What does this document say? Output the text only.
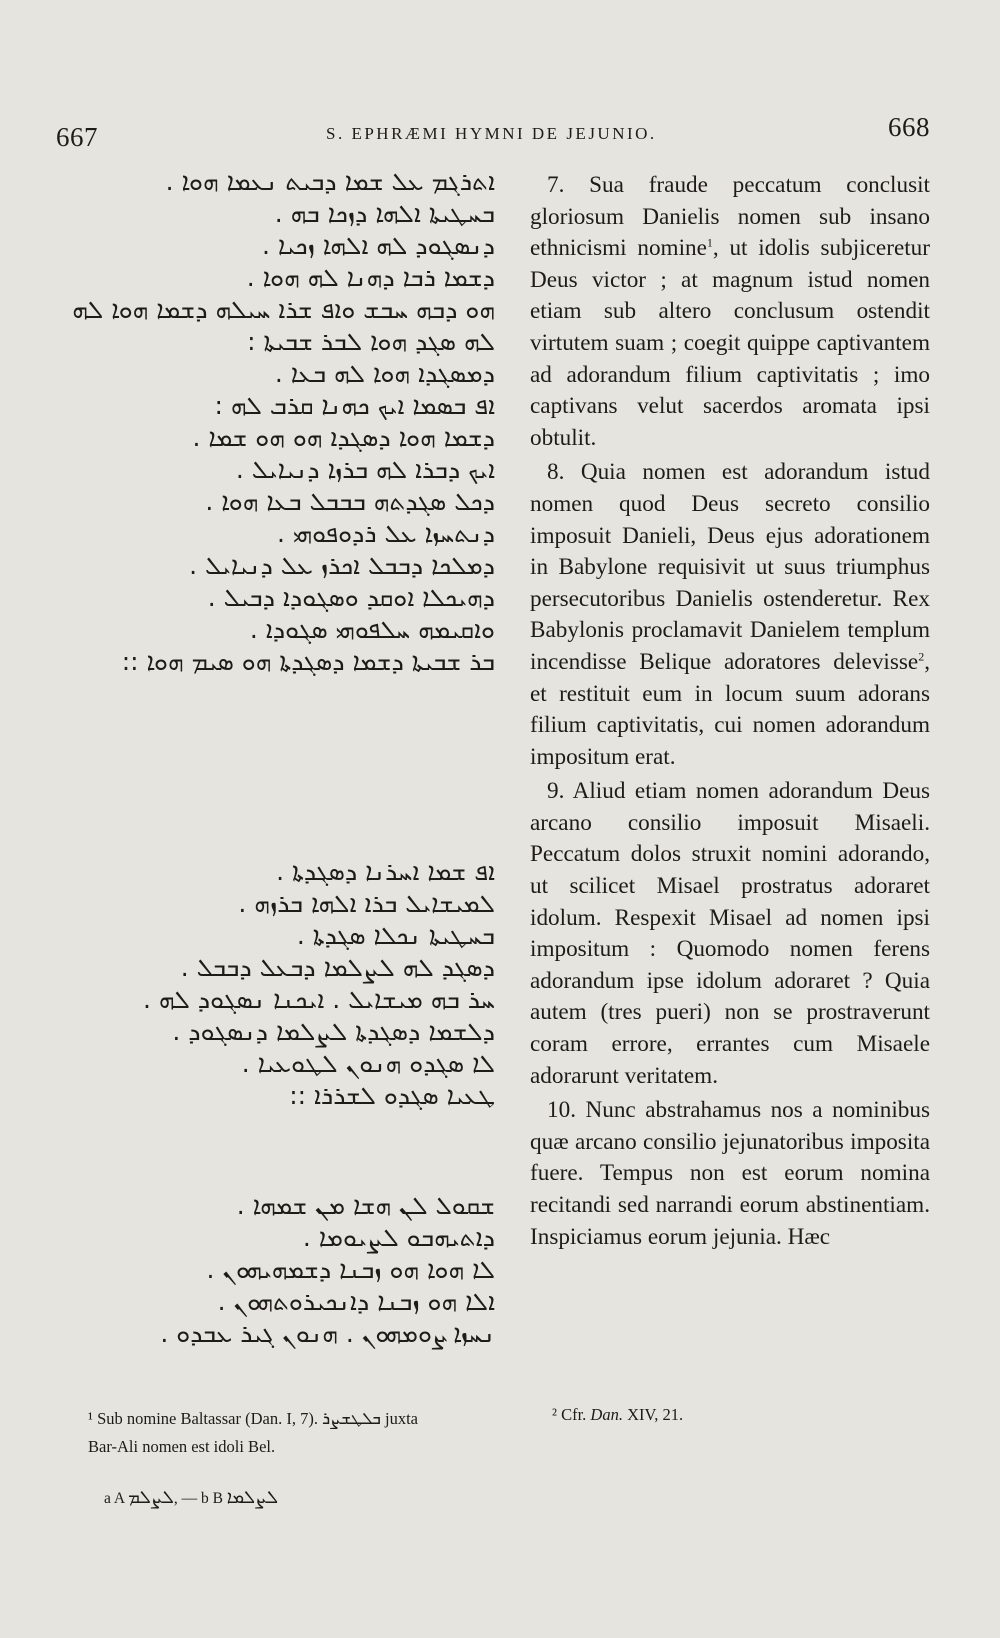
667	S. EPHRÆMI HYMNI DE JEJUNIO.	668
ܐܬܪܓܡ ܥܠ ܫܡܐ ܕܒܝܬ ܢܥܡܐ ܗܘܐ .
ܒܚܛܝܬܐ ܐܠܗܐ ܕܙܟܐ ܒܗ .
ܕܢܣܓܘܕ ܠܗ ܐܠܗܐ ܙܟܝܐ .
ܕܫܡܐ ܪܒܐ ܕܗܢܐ ܠܗ ܗܘܐ .
ܗܘ ܕܒܗ ܚܒܫ ܘܐܦ ܫܪܐ ܚܝܠܗ ܕܫܡܐ ܗܘܐ ܠܗ
ܠܗ ܣܓܕ ܗܘܐ ܠܒܪ ܫܒܝܬܐ :
ܕܡܣܓܕܐ ܗܘܐ ܠܗ ܒܥܐ .
ܐܦ ܒܣܡܐ ܐܝܟ ܟܗܢܐ ܩܪܒ ܠܗ :
ܕܫܡܐ ܗܘܐ ܕܣܓܕܐ ܗܘ ܗܘ ܫܡܐ .
ܐܝܟ ܕܒܪܐ ܠܗ ܒܪܙܐ ܕܢܝܐܝܠ .
ܕܟܠ ܣܓܕܬܗ ܒܒܒܠ ܒܥܐ ܗܘܐ .
ܕܢܬܚܙܐ ܥܠ ܪܕܘܦܘܗܝ .
ܕܡܠܟܐ ܕܒܒܠ ܐܟܪܙ ܥܠ ܕܢܝܐܝܠ .
ܕܗܝܟܠܐ ܐܘܩܕ ܘܣܓܘܕܐ ܕܒܝܠ .
ܘܐܩܝܡܗ ܚܠܦܘܗܝ ܣܓܘܕܐ .
ܒܪ ܫܒܝܬܐ ܕܫܡܐ ܕܣܓܕܬܐ ܗܘ ܣܝܡ ܗܘܐ ::
ܐܦ ܫܡܐ ܐܚܪܢܐ ܕܣܓܕܬܐ .
ܠܡܝܫܐܝܠ ܒܪܐ ܐܠܗܐ ܒܪܙܗ .
ܒܚܛܝܬܐ ܢܟܠܐ ܣܓܕܬܐ .
ܕܣܓܕ ܠܗ ܠܨܠܡܐ ܕܒܥܠ ܕܒܒܠ .
ܚܪ ܒܗ ܡܝܫܐܝܠ . ܐܝܟܢܐ ܢܣܓܘܕ ܠܗ .
ܕܠܫܡܐ ܕܣܓܕܬܐ ܠܨܠܡܐ ܕܢܣܓܘܕ .
ܠܐ ܣܓܕܘ ܗܢܘܢ ܠܛܘܥܝܐ .
ܛܥܝܐ ܣܓܕܘ ܠܫܪܪܐ ::
ܫܩܘܠ ܠܢ ܗܫܐ ܡܢ ܫܡܗܐ .
ܕܐܬܝܗܒܘ ܠܨܝܘܡܐ .
ܠܐ ܗܘܐ ܗܘ ܙܒܢܐ ܕܫܡܗܝܗܘܢ .
ܐܠܐ ܗܘ ܙܒܢܐ ܕܐܢܟܝܪܘܬܗܘܢ .
ܢܚܙܐ ܨܘܡܗܘܢ . ܗܢܘܢ ܓܝܪ ܥܒܕܘ .

¹ Sub nomine Baltassar (Dan. I, 7). ܒܠܛܫܨܪ juxta

Bar-Ali nomen est idoli Bel.

a A ܠܨܠܡ, — b B ܠܨܠܡܐ

7. Sua fraude peccatum conclusit gloriosum Danielis nomen sub insano ethnicismi nomine$^1$, ut idolis subjiceretur Deus victor ; at magnum istud nomen etiam sub altero conclusum ostendit virtutem suam ; coegit quippe captivantem ad adorandum filium captivitatis ; imo captivans velut sacerdos aromata ipsi obtulit.

8. Quia nomen est adorandum istud nomen quod Deus secreto consilio imposuit Danieli, Deus ejus adorationem in Babylone requisivit ut suus triumphus persecutoribus Danielis ostenderetur. Rex Babylonis proclamavit Danielem templum incendisse Belique adoratores delevisse$^2$, et restituit eum in locum suum adorans filium captivitatis, cui nomen adorandum impositum erat.

9. Aliud etiam nomen adorandum Deus arcano consilio imposuit Misaeli. Peccatum dolos struxit nomini adorando, ut scilicet Misael prostratus adoraret idolum. Respexit Misael ad nomen ipsi impositum : Quomodo nomen ferens adorandum ipse idolum adoraret ? Quia autem (tres pueri) non se prostraverunt coram errore, errantes cum Misaele adorarunt veritatem.

10. Nunc abstrahamus nos a nominibus quæ arcano consilio jejunatoribus imposita fuere. Tempus non est eorum nomina recitandi sed narrandi eorum abstinentiam. Inspiciamus eorum jejunia. Hæc

² Cfr. Dan. XIV, 21.
